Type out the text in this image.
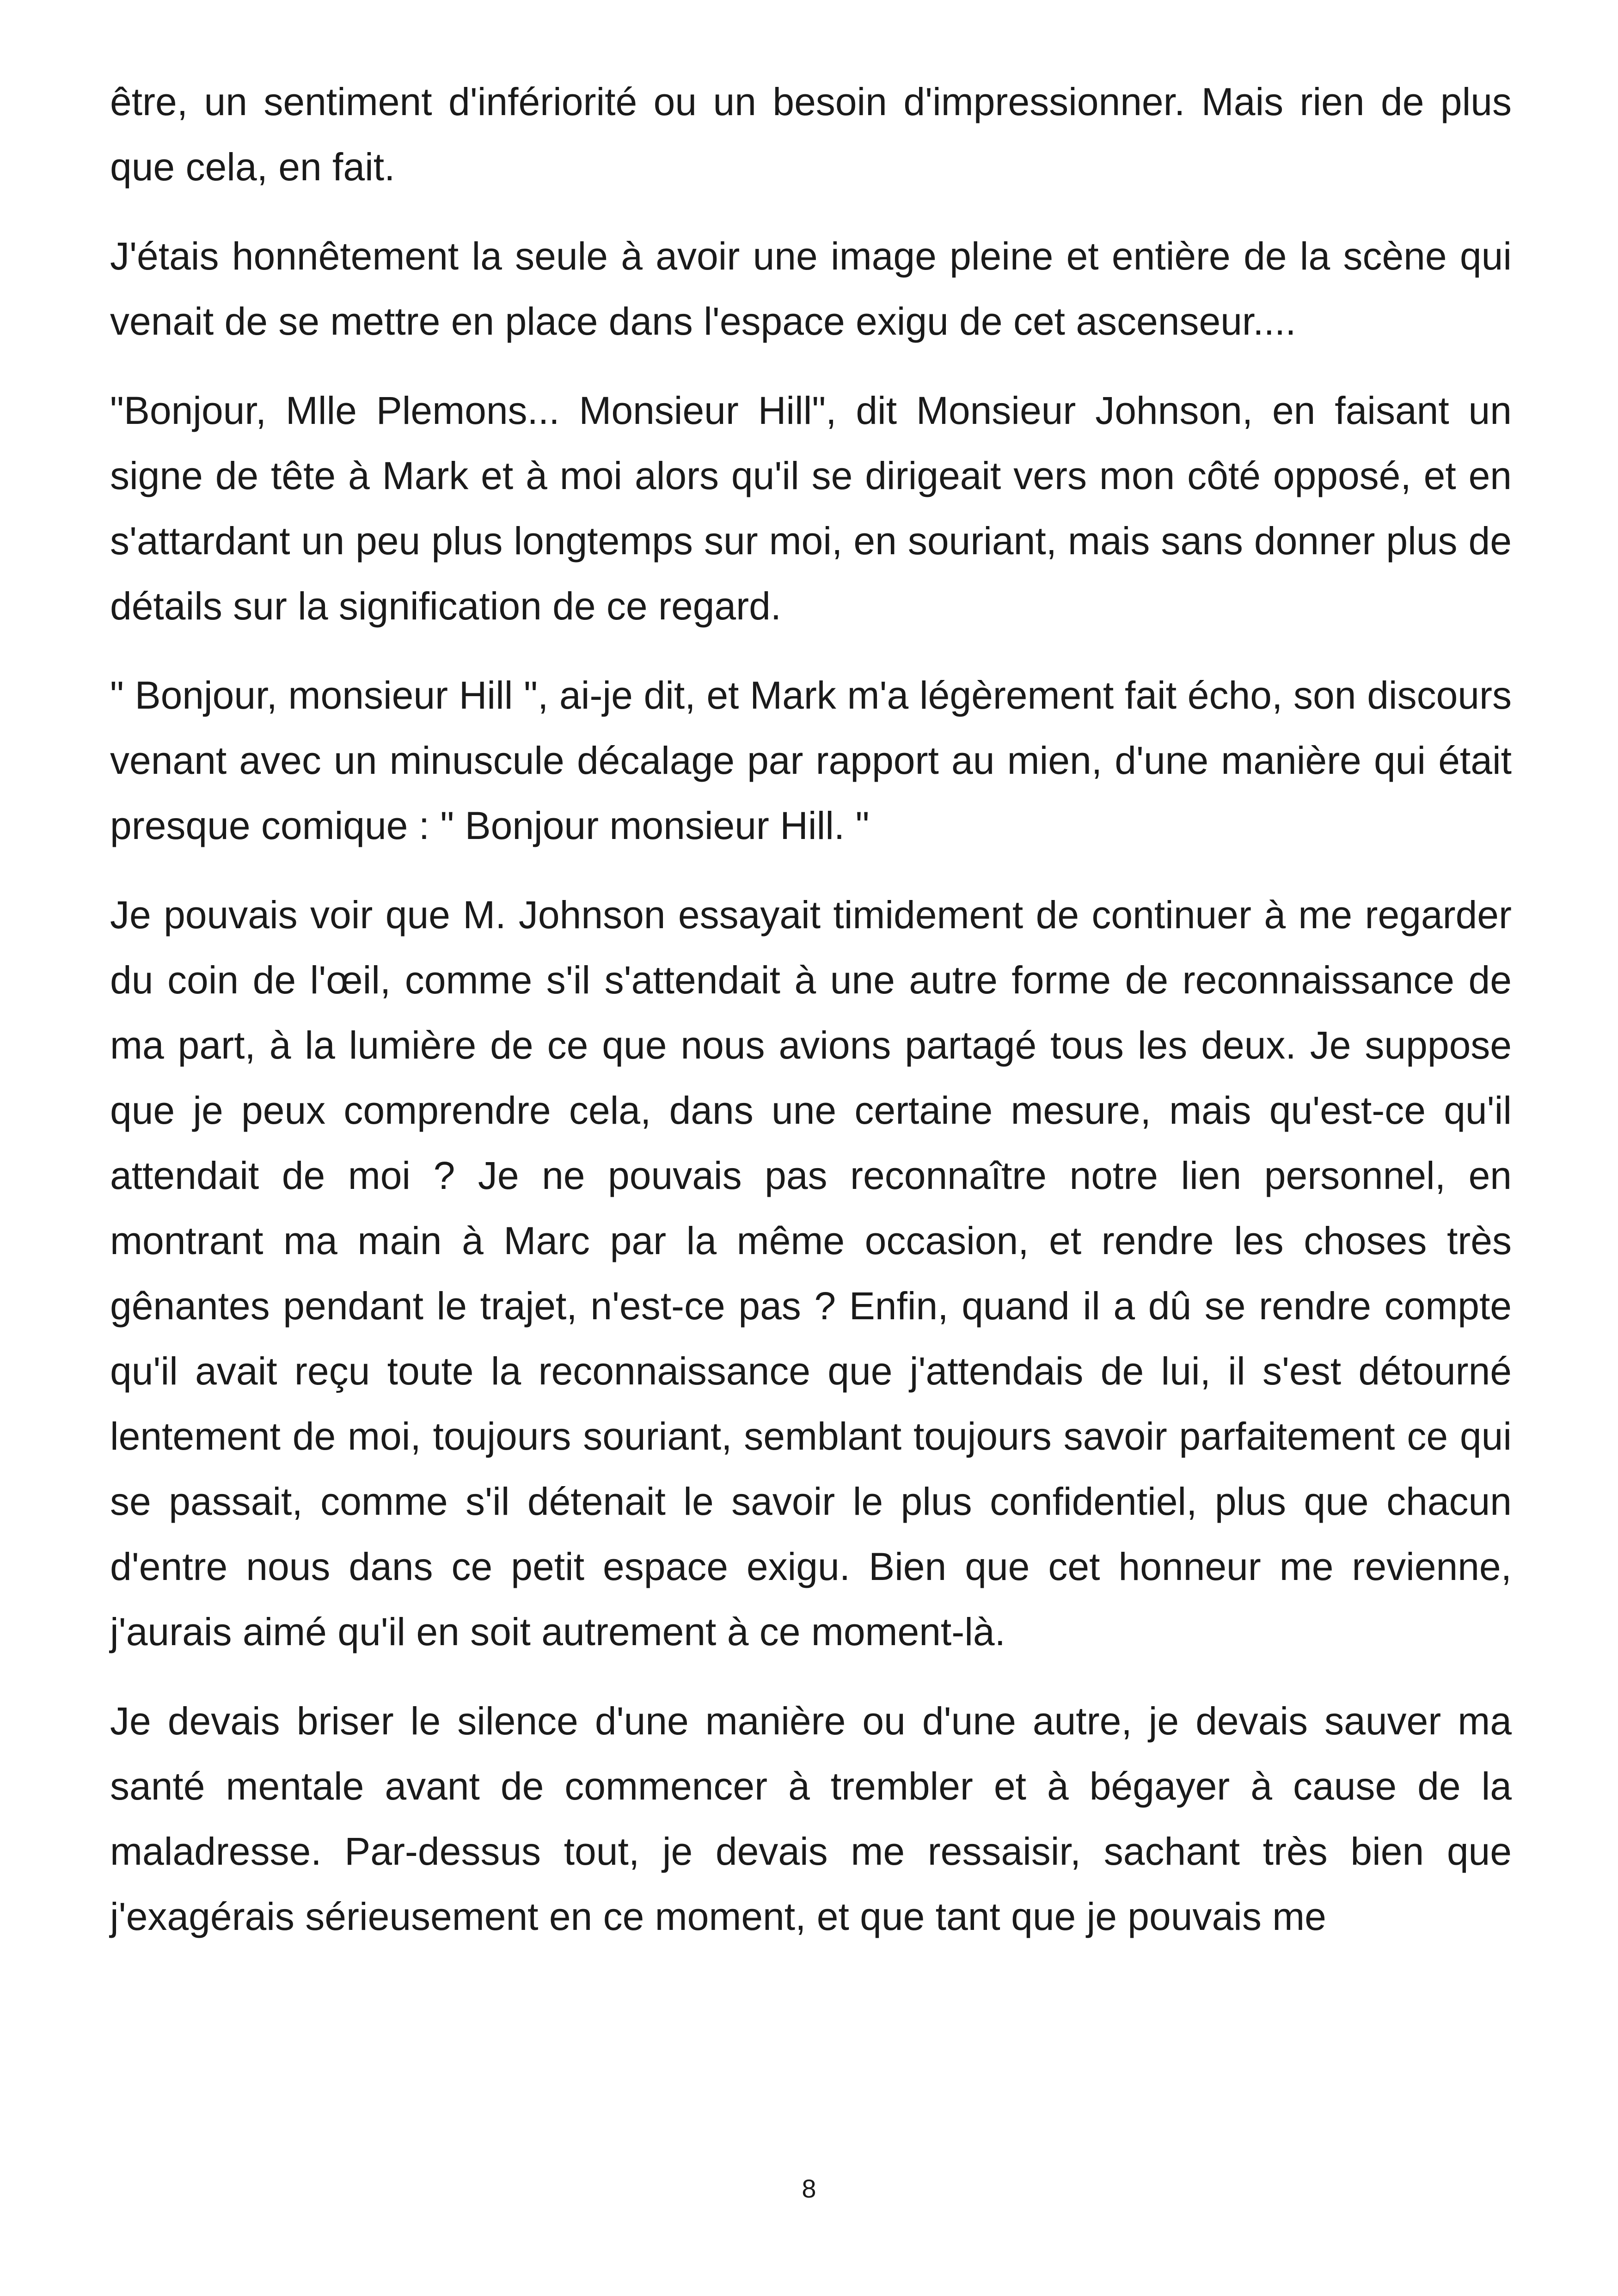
être, un sentiment d'infériorité ou un besoin d'impressionner. Mais rien de plus que cela, en fait.

J'étais honnêtement la seule à avoir une image pleine et entière de la scène qui venait de se mettre en place dans l'espace exigu de cet ascenseur....

"Bonjour, Mlle Plemons... Monsieur Hill", dit Monsieur Johnson, en faisant un signe de tête à Mark et à moi alors qu'il se dirigeait vers mon côté opposé, et en s'attardant un peu plus longtemps sur moi, en souriant, mais sans donner plus de détails sur la signification de ce regard.

" Bonjour, monsieur Hill ", ai-je dit, et Mark m'a légèrement fait écho, son discours venant avec un minuscule décalage par rapport au mien, d'une manière qui était presque comique : " Bonjour monsieur Hill. "

Je pouvais voir que M. Johnson essayait timidement de continuer à me regarder du coin de l'œil, comme s'il s'attendait à une autre forme de reconnaissance de ma part, à la lumière de ce que nous avions partagé tous les deux. Je suppose que je peux comprendre cela, dans une certaine mesure, mais qu'est-ce qu'il attendait de moi ? Je ne pouvais pas reconnaître notre lien personnel, en montrant ma main à Marc par la même occasion, et rendre les choses très gênantes pendant le trajet, n'est-ce pas ? Enfin, quand il a dû se rendre compte qu'il avait reçu toute la reconnaissance que j'attendais de lui, il s'est détourné lentement de moi, toujours souriant, semblant toujours savoir parfaitement ce qui se passait, comme s'il détenait le savoir le plus confidentiel, plus que chacun d'entre nous dans ce petit espace exigu. Bien que cet honneur me revienne, j'aurais aimé qu'il en soit autrement à ce moment-là.

Je devais briser le silence d'une manière ou d'une autre, je devais sauver ma santé mentale avant de commencer à trembler et à bégayer à cause de la maladresse. Par-dessus tout, je devais me ressaisir, sachant très bien que j'exagérais sérieusement en ce moment, et que tant que je pouvais me

8
